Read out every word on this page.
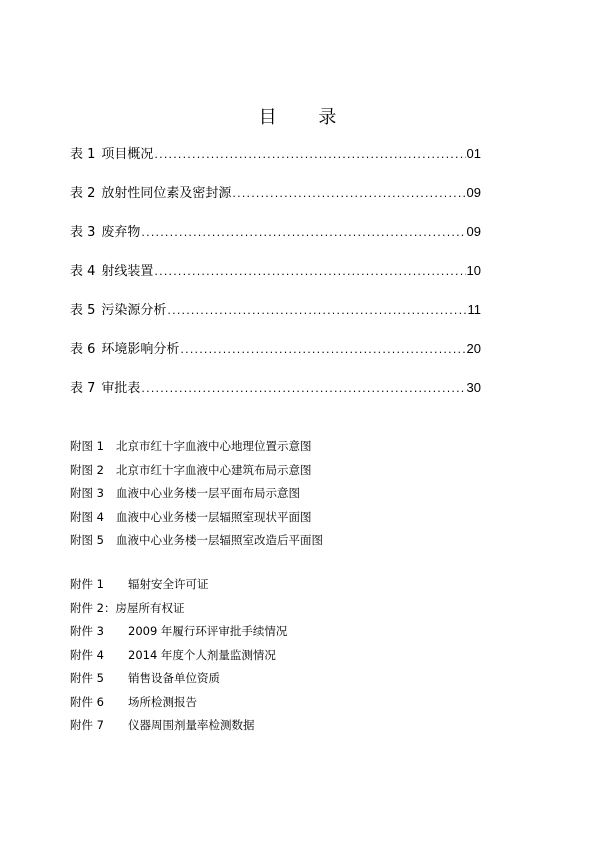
目 录
表 1 项目概况 .....	01
表 2 放射性同位素及密封源 .....	09
表 3 废弃物 .....	09
表 4 射线装置 .....	10
表 5 污染源分析 .....	11
表 6 环境影响分析 .....	20
表 7 审批表 .....	30
附图 1 北京市红十字血液中心地理位置示意图
附图 2 北京市红十字血液中心建筑布局示意图
附图 3 血液中心业务楼一层平面布局示意图
附图 4 血液中心业务楼一层辐照室现状平面图
附图 5 血液中心业务楼一层辐照室改造后平面图
附件 1 辐射安全许可证
附件 2：房屋所有权证
附件 3 2009 年履行环评审批手续情况
附件 4 2014 年度个人剂量监测情况
附件 5 销售设备单位资质
附件 6 场所检测报告
附件 7 仪器周围剂量率检测数据
